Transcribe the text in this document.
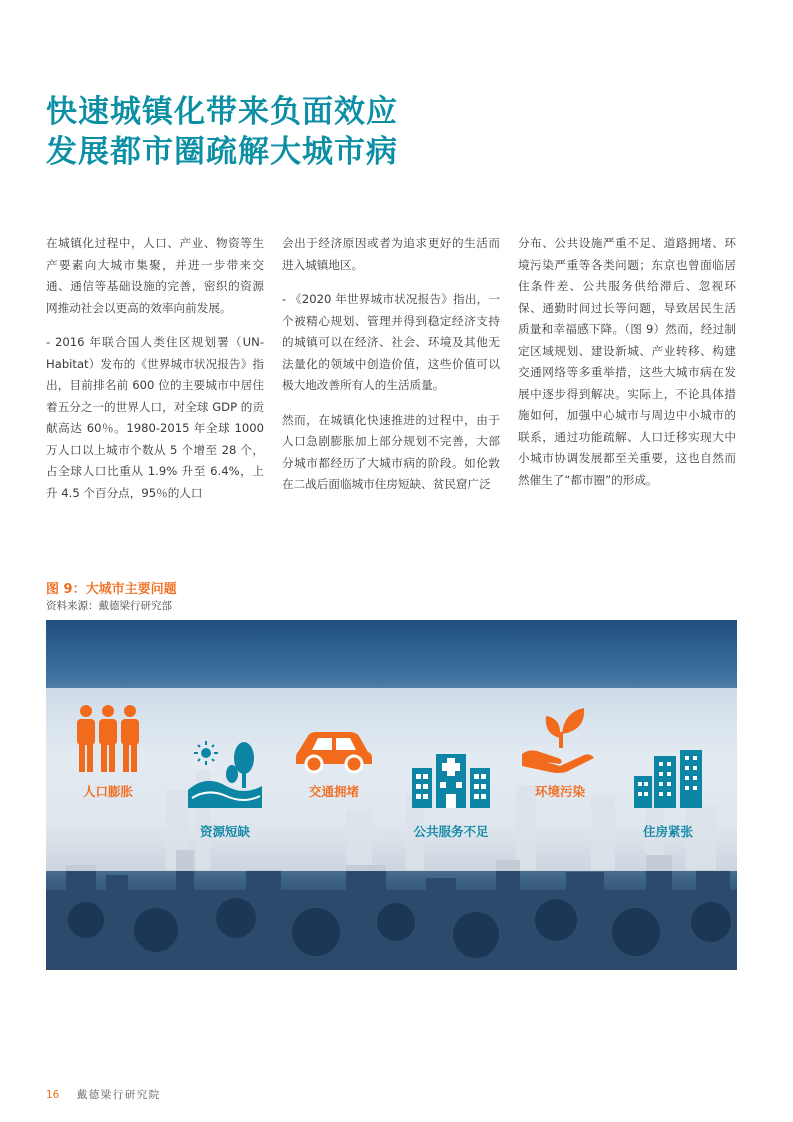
快速城镇化带来负面效应
发展都市圈疏解大城市病

在城镇化过程中，人口、产业、物资等生产要素向大城市集聚，并进一步带来交通、通信等基础设施的完善，密织的资源网推动社会以更高的效率向前发展。

- 2016 年联合国人类住区规划署（UN-Habitat）发布的《世界城市状况报告》指出，目前排名前 600 位的主要城市中居住着五分之一的世界人口，对全球 GDP 的贡献高达 60％。1980-2015 年全球 1000 万人口以上城市个数从 5 个增至 28 个，占全球人口比重从 1.9% 升至 6.4%，上升 4.5 个百分点，95％的人口

会出于经济原因或者为追求更好的生活而进入城镇地区。

- 《2020 年世界城市状况报告》指出，一个被精心规划、管理并得到稳定经济支持的城镇可以在经济、社会、环境及其他无法量化的领域中创造价值，这些价值可以极大地改善所有人的生活质量。

然而，在城镇化快速推进的过程中，由于人口急剧膨胀加上部分规划不完善，大部分城市都经历了大城市病的阶段。如伦敦在二战后面临城市住房短缺、贫民窟广泛

分布、公共设施严重不足、道路拥堵、环境污染严重等各类问题；东京也曾面临居住条件差、公共服务供给滞后、忽视环保、通勤时间过长等问题，导致居民生活质量和幸福感下降。（图 9）然而，经过制定区域规划、建设新城、产业转移、构建交通网络等多重举措，这些大城市病在发展中逐步得到解决。实际上，不论具体措施如何，加强中心城市与周边中小城市的联系，通过功能疏解、人口迁移实现大中小城市协调发展都至关重要，这也自然而然催生了“都市圈”的形成。

图 9：大城市主要问题
资料来源：戴德梁行研究部
人口膨胀
资源短缺
交通拥堵
公共服务不足
环境污染
住房紧张
16 戴德梁行研究院
